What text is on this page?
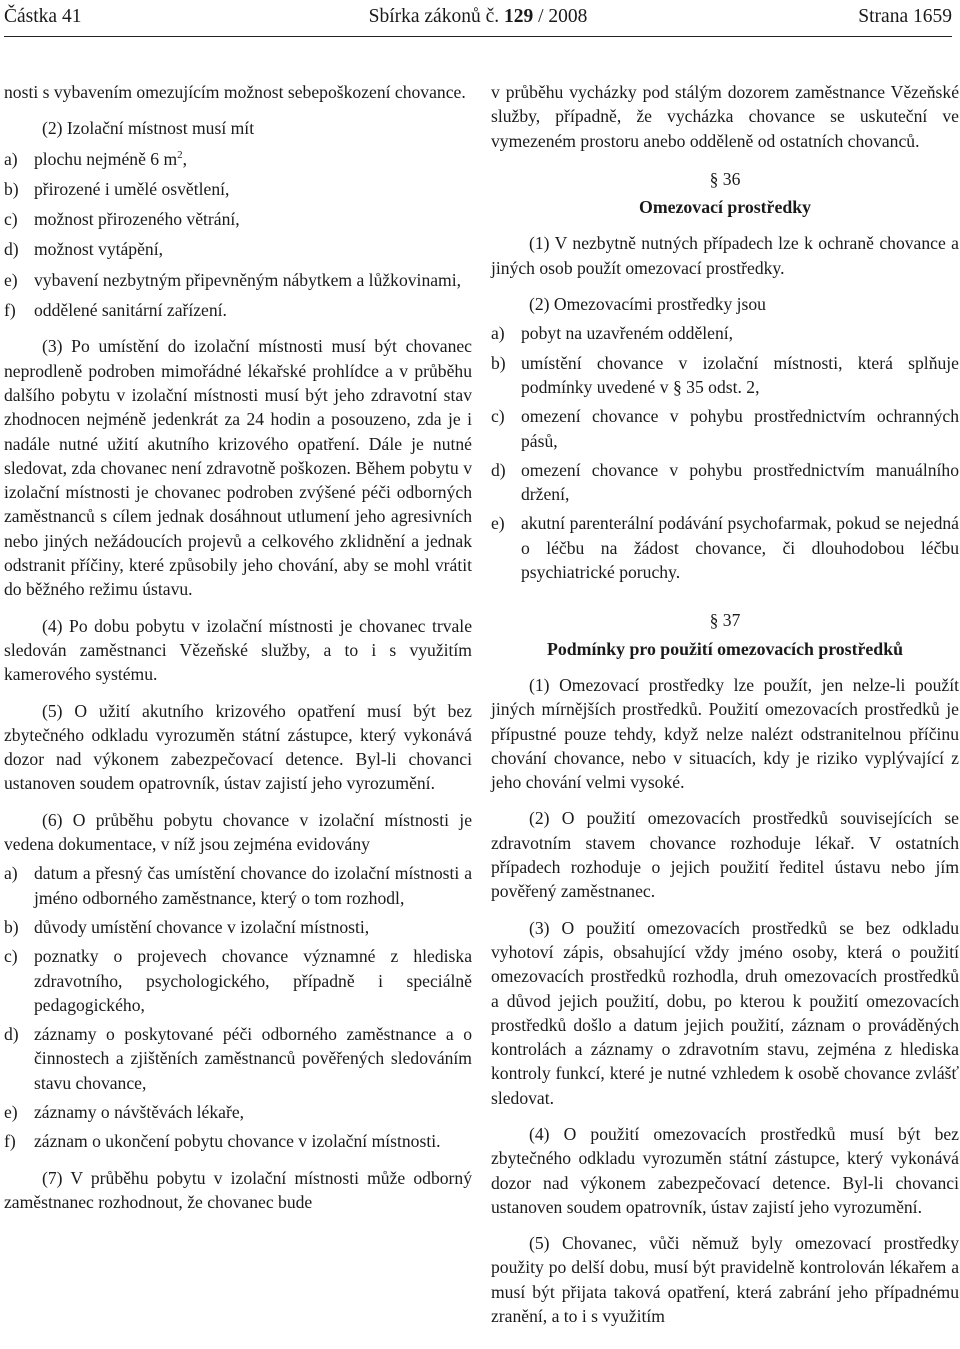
Částka 41	Sbírka zákonů č. 129 / 2008	Strana 1659

nosti s vybavením omezujícím možnost sebepoškození chovance.

(2) Izolační místnost musí mít

a) plochu nejméně 6 $m^2$,
b) přirozené i umělé osvětlení,
c) možnost přirozeného větrání,
d) možnost vytápění,
e) vybavení nezbytným připevněným nábytkem a lůžkovinami,
f)	oddělené sanitární zařízení.

(3) Po umístění do izolační místnosti musí být chovanec neprodleně podroben mimořádné lékařské prohlídce a v průběhu dalšího pobytu v izolační místnosti musí být jeho zdravotní stav zhodnocen nejméně jedenkrát za 24 hodin a posouzeno, zda je i nadále nutné užití akutního krizového opatření. Dále je nutné sledovat, zda chovanec není zdravotně poškozen. Během pobytu v izolační místnosti je chovanec podroben zvýšené péči odborných zaměstnanců s cílem jednak dosáhnout utlumení jeho agresivních nebo jiných nežádoucích projevů a celkového zklidnění a jednak odstranit příčiny, které způsobily jeho chování, aby se mohl vrátit do běžného režimu ústavu.

(4) Po dobu pobytu v izolační místnosti je chovanec trvale sledován zaměstnanci Vězeňské služby, a to i s využitím kamerového systému.

(5) O užití akutního krizového opatření musí být bez zbytečného odkladu vyrozuměn státní zástupce, který vykonává dozor nad výkonem zabezpečovací detence. Byl-li chovanci ustanoven soudem opatrovník, ústav zajistí jeho vyrozumění.

(6) O průběhu pobytu chovance v izolační místnosti je vedena dokumentace, v níž jsou zejména evidovány

a) datum a přesný čas umístění chovance do izolační místnosti a jméno odborného zaměstnance, který o tom rozhodl,
b) důvody umístění chovance v izolační místnosti,
c) poznatky o projevech chovance významné z hlediska zdravotního, psychologického, případně i speciálně pedagogického,
d) záznamy o poskytované péči odborného zaměstnance a o činnostech a zjištěních zaměstnanců pověřených sledováním stavu chovance,
e) záznamy o návštěvách lékaře,
f)	záznam o ukončení pobytu chovance v izolační místnosti.

(7) V průběhu pobytu v izolační místnosti může odborný zaměstnanec rozhodnout, že chovanec bude

v průběhu vycházky pod stálým dozorem zaměstnance Vězeňské služby, případně, že vycházka chovance se uskuteční ve vymezeném prostoru anebo odděleně od ostatních chovanců.

§ 36
Omezovací prostředky

(1) V nezbytně nutných případech lze k ochraně chovance a jiných osob použít omezovací prostředky.

(2) Omezovacími prostředky jsou

a) pobyt na uzavřeném oddělení,
b) umístění chovance v izolační místnosti, která splňuje podmínky uvedené v § 35 odst. 2,
c) omezení chovance v pohybu prostřednictvím ochranných pásů,
d) omezení chovance v pohybu prostřednictvím manuálního držení,
e) akutní parenterální podávání psychofarmak, pokud se nejedná o léčbu na žádost chovance, či dlouhodobou léčbu psychiatrické poruchy.
§ 37
Podmínky pro použití omezovacích prostředků

(1) Omezovací prostředky lze použít, jen nelze-li použít jiných mírnějších prostředků. Použití omezovacích prostředků je přípustné pouze tehdy, když nelze nalézt odstranitelnou příčinu chování chovance, nebo v situacích, kdy je riziko vyplývající z jeho chování velmi vysoké.

(2) O použití omezovacích prostředků souvisejících se zdravotním stavem chovance rozhoduje lékař. V ostatních případech rozhoduje o jejich použití ředitel ústavu nebo jím pověřený zaměstnanec.

(3) O použití omezovacích prostředků se bez odkladu vyhotoví zápis, obsahující vždy jméno osoby, která o použití omezovacích prostředků rozhodla, druh omezovacích prostředků a důvod jejich použití, dobu, po kterou k použití omezovacích prostředků došlo a datum jejich použití, záznam o prováděných kontrolách a záznamy o zdravotním stavu, zejména z hlediska kontroly funkcí, které je nutné vzhledem k osobě chovance zvlášť sledovat.

(4) O použití omezovacích prostředků musí být bez zbytečného odkladu vyrozuměn státní zástupce, který vykonává dozor nad výkonem zabezpečovací detence. Byl-li chovanci ustanoven soudem opatrovník, ústav zajistí jeho vyrozumění.

(5) Chovanec, vůči němuž byly omezovací prostředky použity po delší dobu, musí být pravidelně kontrolován lékařem a musí být přijata taková opatření, která zabrání jeho případnému zranění, a to i s využitím
